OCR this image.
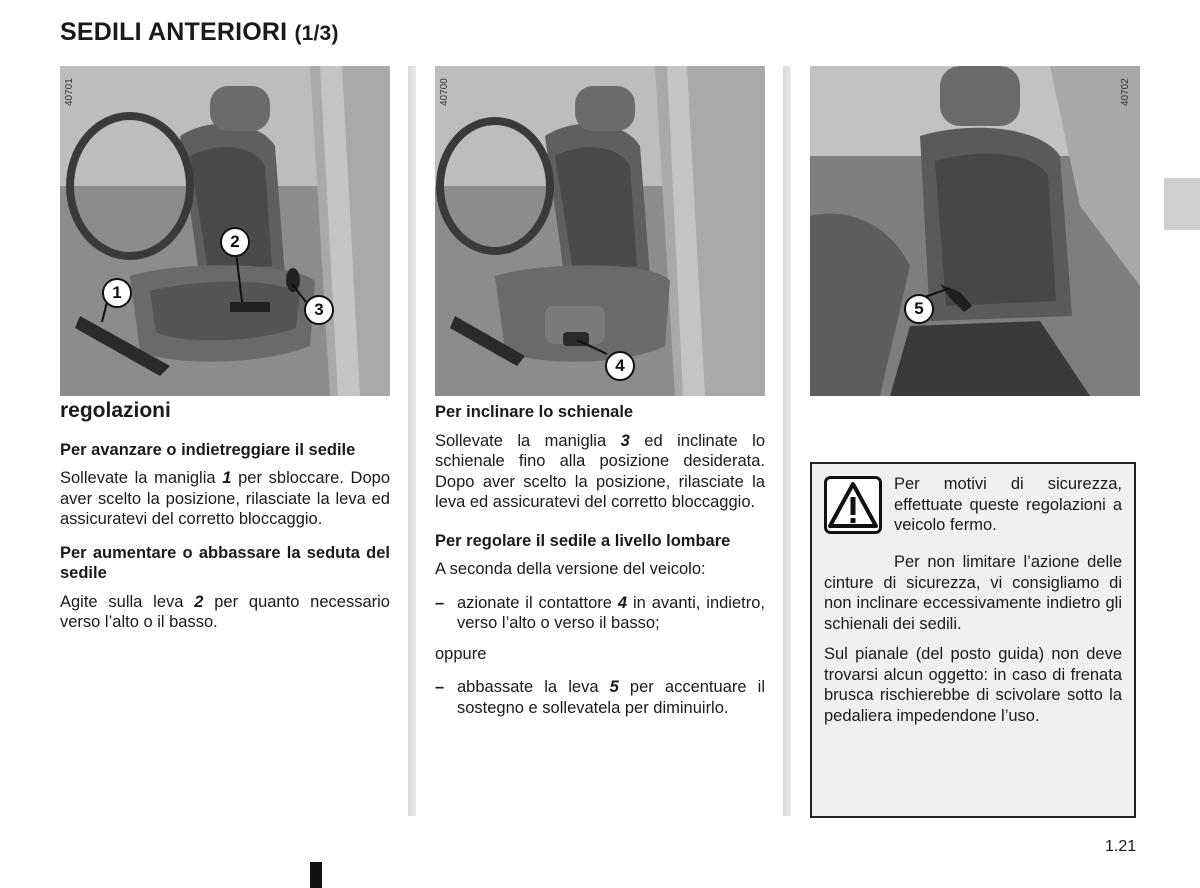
SEDILI ANTERIORI (1/3)
40701
1
2
3
40700
4
40702
5

regolazioni

Per avanzare o indietreggiare il sedile

Sollevate la maniglia 1 per sbloccare. Dopo aver scelto la posizione, rilasciate la leva ed assicuratevi del corretto bloccaggio.

Per aumentare o abbassare la seduta del sedile

Agite sulla leva 2 per quanto necessario verso l’alto o il basso.

Per inclinare lo schienale

Sollevate la maniglia 3 ed inclinate lo schienale fino alla posizione desiderata. Dopo aver scelto la posizione, rilasciate la leva ed assicuratevi del corretto bloccaggio.

Per regolare il sedile a livello lombare

A seconda della versione del veicolo:

– azionate il contattore 4 in avanti, indietro, verso l’alto o verso il basso;

oppure

– abbassate la leva 5 per accentuare il sostegno e sollevatela per diminuirlo.

Per motivi di sicurezza, effettuate queste regolazioni a veicolo fermo.

Per non limitare l’azione delle cinture di sicurezza, vi consigliamo di non inclinare eccessivamente indietro gli schienali dei sedili.

Sul pianale (del posto guida) non deve trovarsi alcun oggetto: in caso di frenata brusca rischierebbe di scivolare sotto la pedaliera impedendone l’uso.

1.21
